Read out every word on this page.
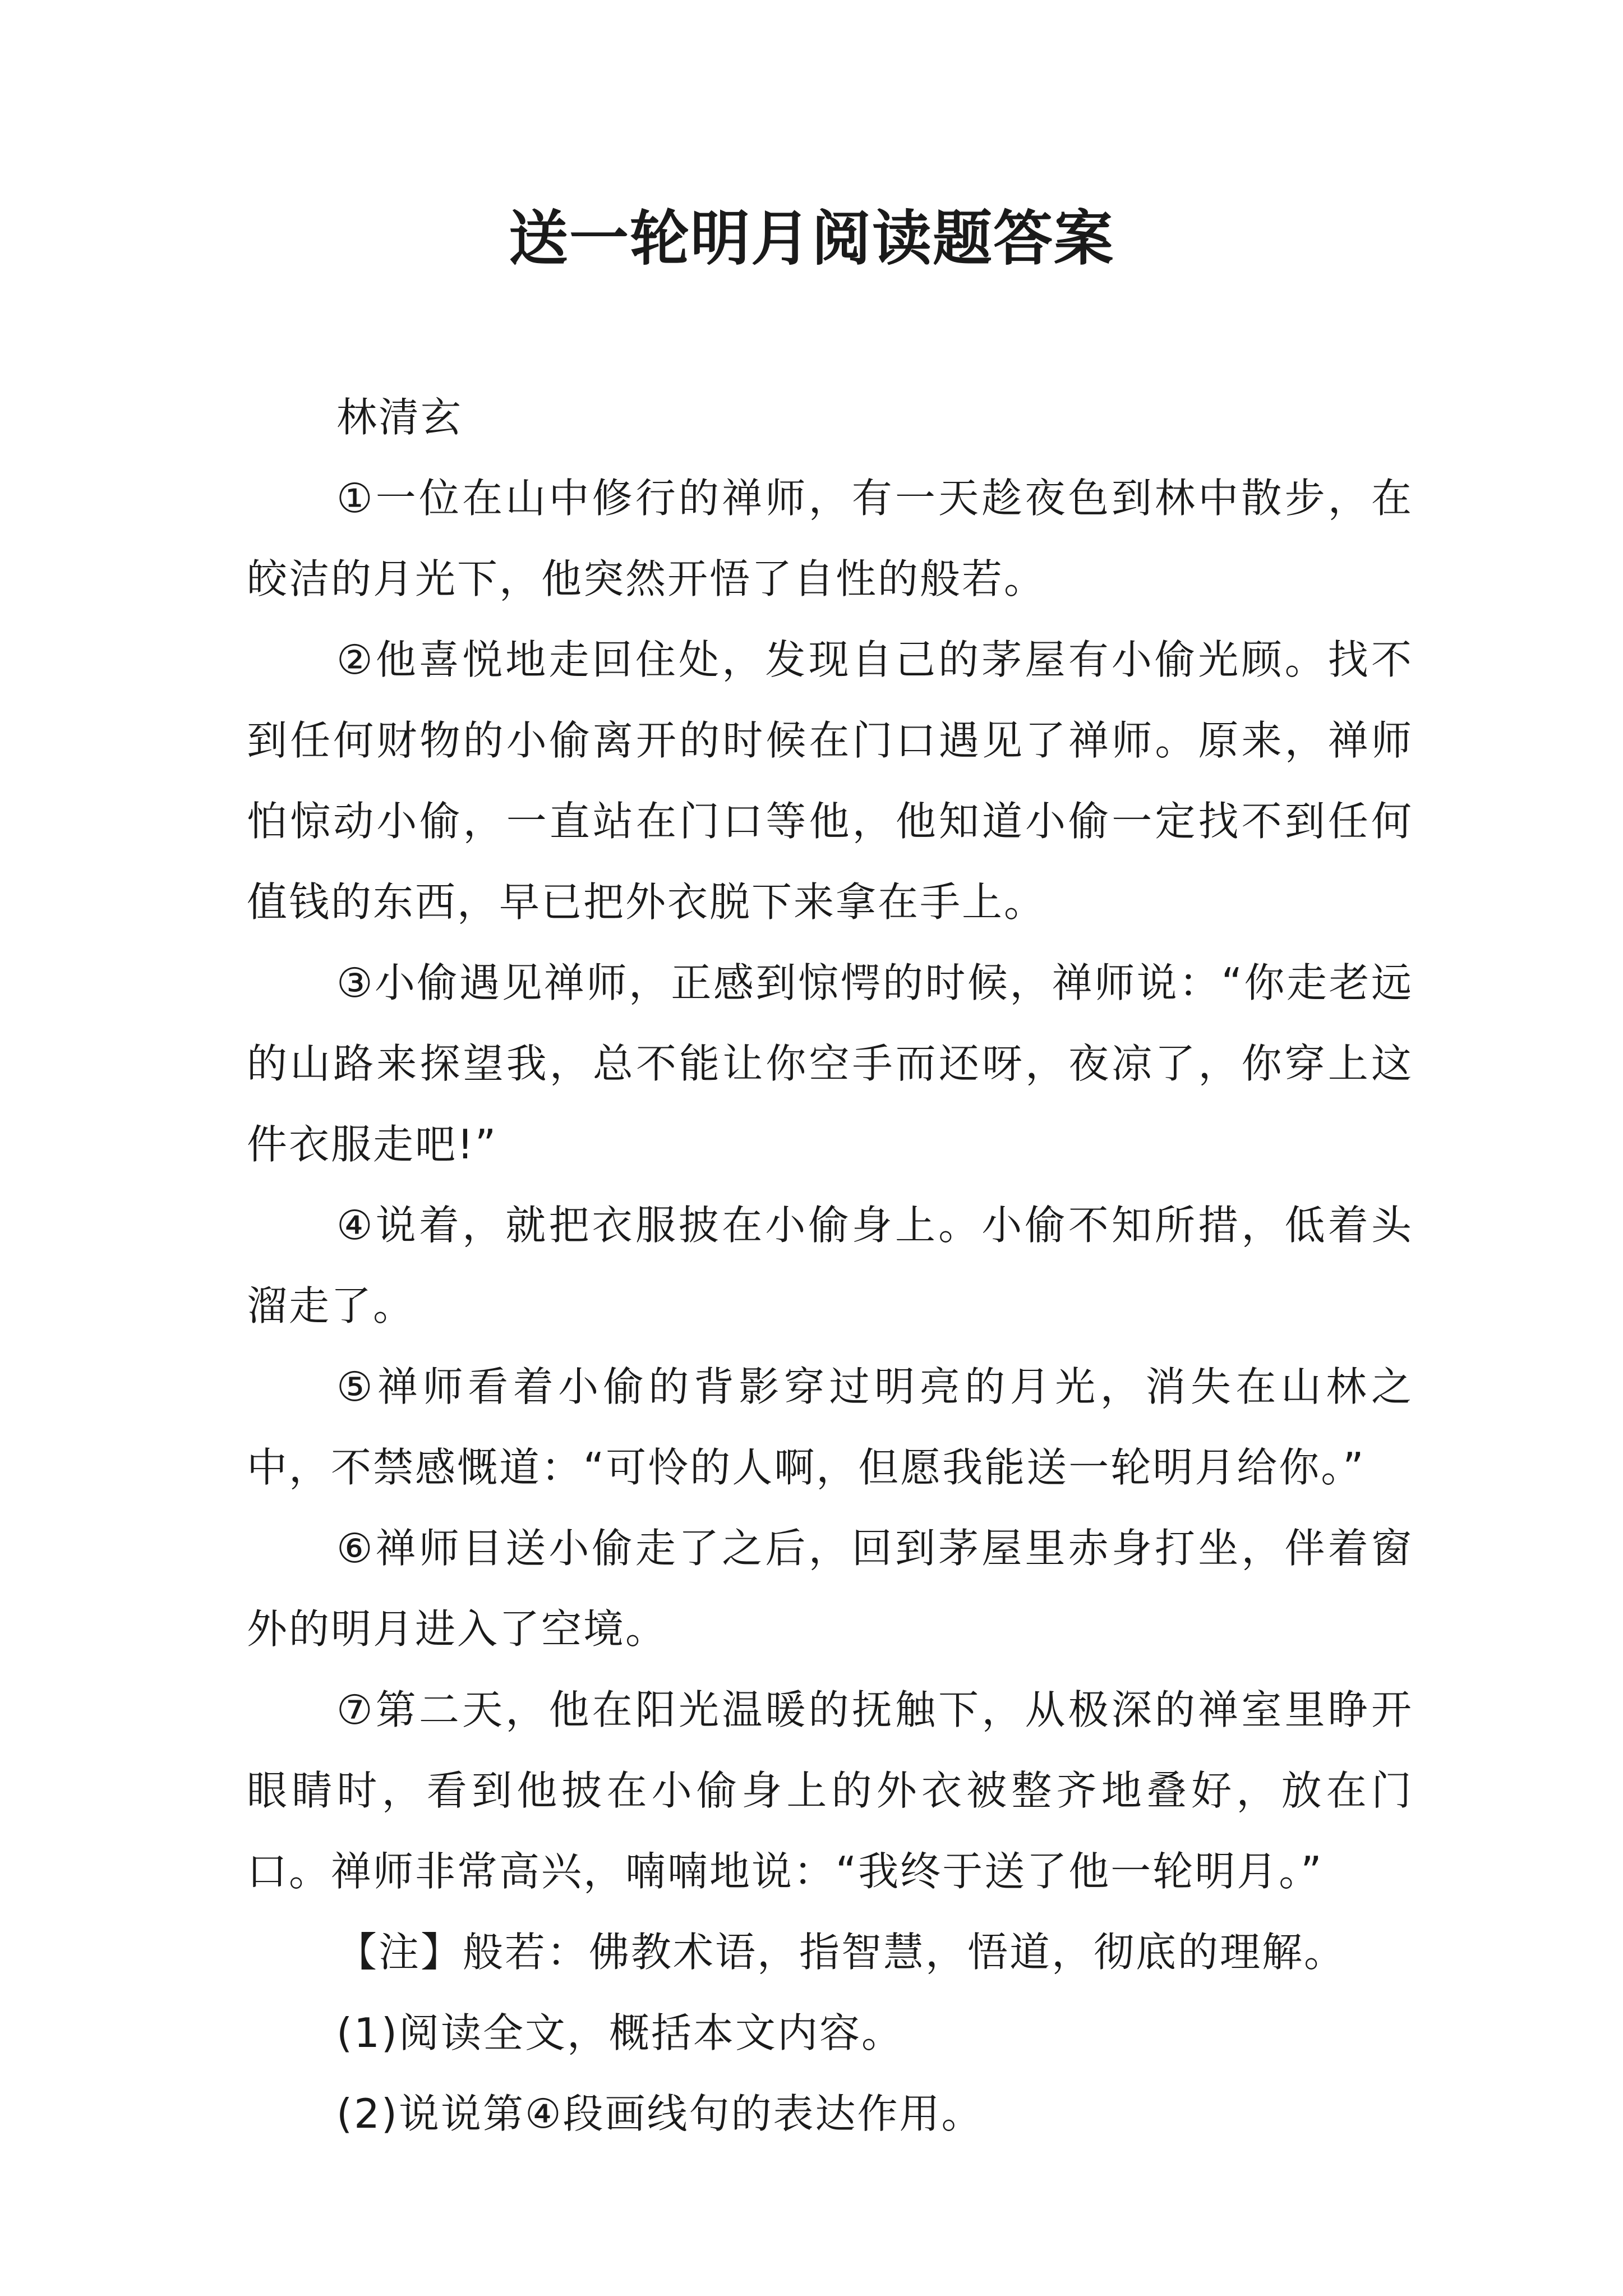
送一轮明月阅读题答案

林清玄

①一位在山中修行的禅师，有一天趁夜色到林中散步，在皎洁的月光下，他突然开悟了自性的般若。

②他喜悦地走回住处，发现自己的茅屋有小偷光顾。找不到任何财物的小偷离开的时候在门口遇见了禅师。原来，禅师怕惊动小偷，一直站在门口等他，他知道小偷一定找不到任何值钱的东西，早已把外衣脱下来拿在手上。

③小偷遇见禅师，正感到惊愕的时候，禅师说：“你走老远的山路来探望我，总不能让你空手而还呀，夜凉了，你穿上这件衣服走吧!”

④说着，就把衣服披在小偷身上。小偷不知所措，低着头溜走了。

⑤禅师看着小偷的背影穿过明亮的月光，消失在山林之中，不禁感慨道：“可怜的人啊，但愿我能送一轮明月给你。”

⑥禅师目送小偷走了之后，回到茅屋里赤身打坐，伴着窗外的明月进入了空境。

⑦第二天，他在阳光温暖的抚触下，从极深的禅室里睁开眼睛时，看到他披在小偷身上的外衣被整齐地叠好，放在门口。禅师非常高兴，喃喃地说：“我终于送了他一轮明月。”

【注】般若：佛教术语，指智慧，悟道，彻底的理解。

(1)阅读全文，概括本文内容。

(2)说说第④段画线句的表达作用。
